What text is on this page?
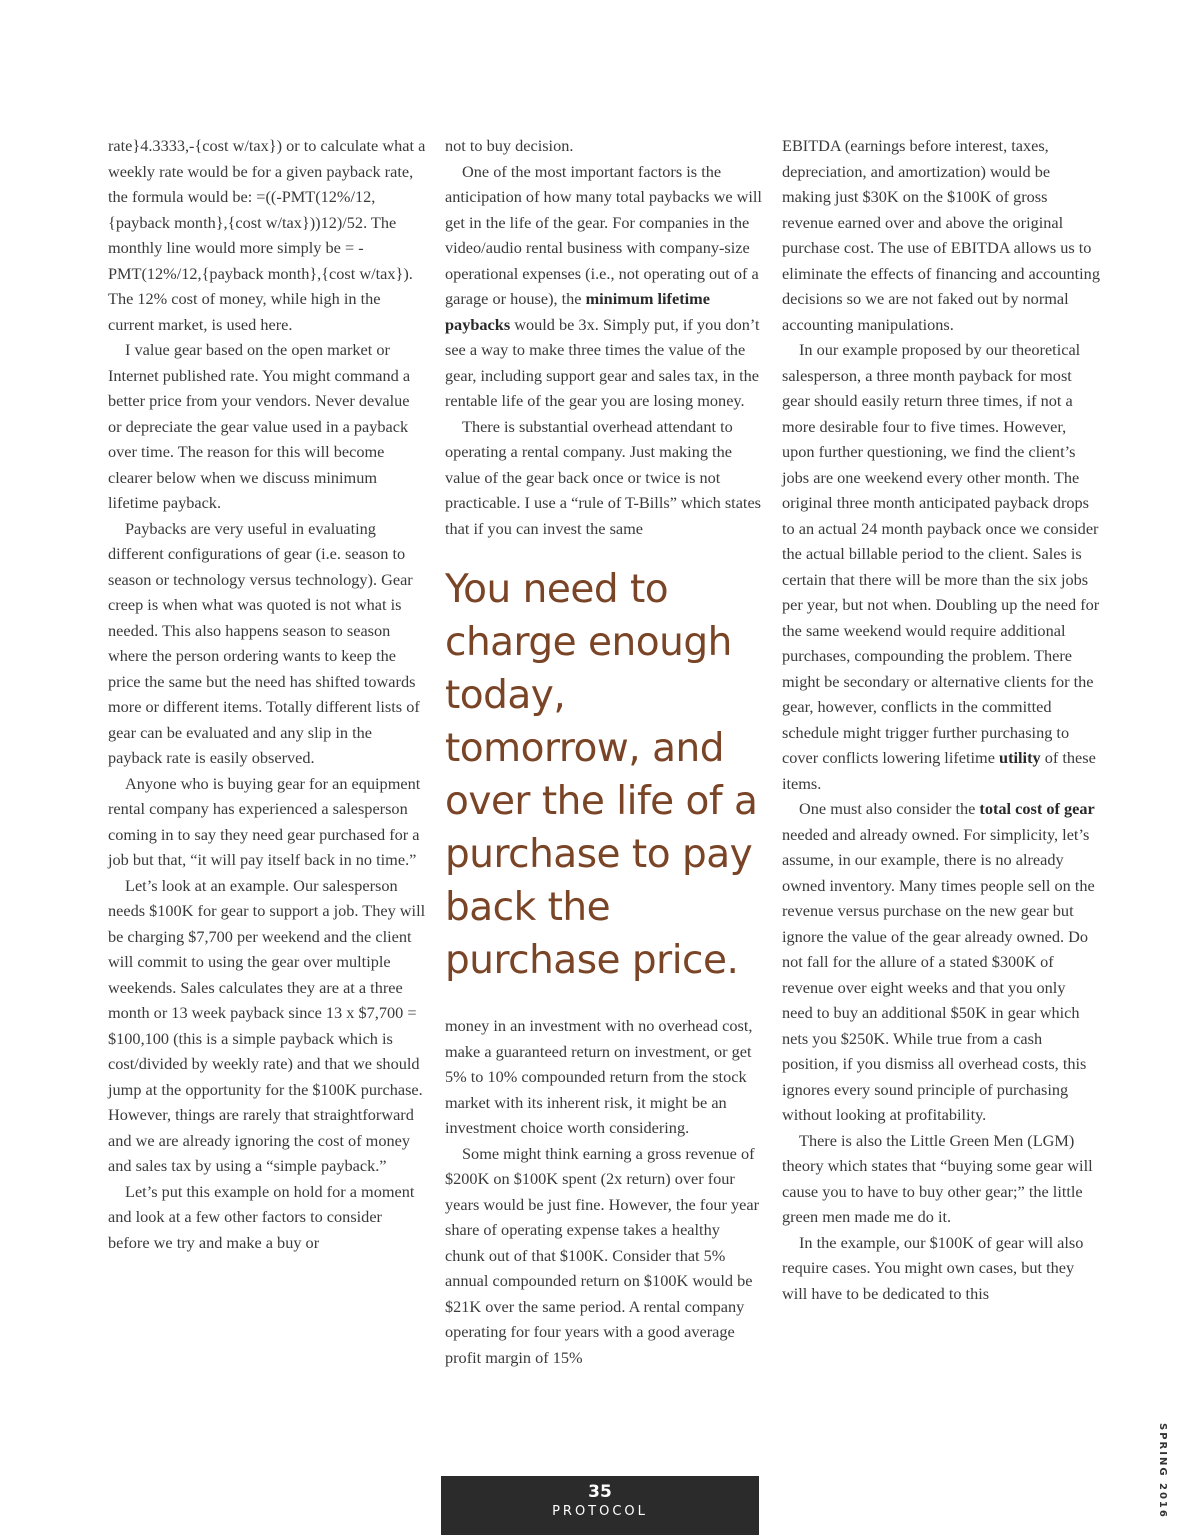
rate}4.3333,-{cost w/tax}) or to calculate what a weekly rate would be for a given payback rate, the formula would be: =((-PMT(12%/12,{payback month},{cost w/tax}))12)/52. The monthly line would more simply be = -PMT(12%/12,{payback month},{cost w/tax}). The 12% cost of money, while high in the current market, is used here.

I value gear based on the open market or Internet published rate. You might command a better price from your vendors. Never devalue or depreciate the gear value used in a payback over time. The reason for this will become clearer below when we discuss minimum lifetime payback.

Paybacks are very useful in evaluating different configurations of gear (i.e. season to season or technology versus technology). Gear creep is when what was quoted is not what is needed. This also happens season to season where the person ordering wants to keep the price the same but the need has shifted towards more or different items. Totally different lists of gear can be evaluated and any slip in the payback rate is easily observed.

Anyone who is buying gear for an equipment rental company has experienced a salesperson coming in to say they need gear purchased for a job but that, “it will pay itself back in no time.”

Let’s look at an example. Our salesperson needs $100K for gear to support a job. They will be charging $7,700 per weekend and the client will commit to using the gear over multiple weekends. Sales calculates they are at a three month or 13 week payback since 13 x $7,700 = $100,100 (this is a simple payback which is cost/divided by weekly rate) and that we should jump at the opportunity for the $100K purchase. However, things are rarely that straightforward and we are already ignoring the cost of money and sales tax by using a “simple payback.”

Let’s put this example on hold for a moment and look at a few other factors to consider before we try and make a buy or

not to buy decision.

One of the most important factors is the anticipation of how many total paybacks we will get in the life of the gear. For companies in the video/audio rental business with company-size operational expenses (i.e., not operating out of a garage or house), the minimum lifetime paybacks would be 3x. Simply put, if you don’t see a way to make three times the value of the gear, including support gear and sales tax, in the rentable life of the gear you are losing money.

There is substantial overhead attendant to operating a rental company. Just making the value of the gear back once or twice is not practicable. I use a “rule of T-Bills” which states that if you can invest the same

You need to charge enough today, tomorrow, and over the life of a purchase to pay back the purchase price.

money in an investment with no overhead cost, make a guaranteed return on investment, or get 5% to 10% compounded return from the stock market with its inherent risk, it might be an investment choice worth considering.

Some might think earning a gross revenue of $200K on $100K spent (2x return) over four years would be just fine. However, the four year share of operating expense takes a healthy chunk out of that $100K. Consider that 5% annual compounded return on $100K would be $21K over the same period. A rental company operating for four years with a good average profit margin of 15%

EBITDA (earnings before interest, taxes, depreciation, and amortization) would be making just $30K on the $100K of gross revenue earned over and above the original purchase cost. The use of EBITDA allows us to eliminate the effects of financing and accounting decisions so we are not faked out by normal accounting manipulations.

In our example proposed by our theoretical salesperson, a three month payback for most gear should easily return three times, if not a more desirable four to five times. However, upon further questioning, we find the client’s jobs are one weekend every other month. The original three month anticipated payback drops to an actual 24 month payback once we consider the actual billable period to the client. Sales is certain that there will be more than the six jobs per year, but not when. Doubling up the need for the same weekend would require additional purchases, compounding the problem. There might be secondary or alternative clients for the gear, however, conflicts in the committed schedule might trigger further purchasing to cover conflicts lowering lifetime utility of these items.

One must also consider the total cost of gear needed and already owned. For simplicity, let’s assume, in our example, there is no already owned inventory. Many times people sell on the revenue versus purchase on the new gear but ignore the value of the gear already owned. Do not fall for the allure of a stated $300K of revenue over eight weeks and that you only need to buy an additional $50K in gear which nets you $250K. While true from a cash position, if you dismiss all overhead costs, this ignores every sound principle of purchasing without looking at profitability.

There is also the Little Green Men (LGM) theory which states that “buying some gear will cause you to have to buy other gear;” the little green men made me do it.

In the example, our $100K of gear will also require cases. You might own cases, but they will have to be dedicated to this

35
PROTOCOL	SPRING 2016
